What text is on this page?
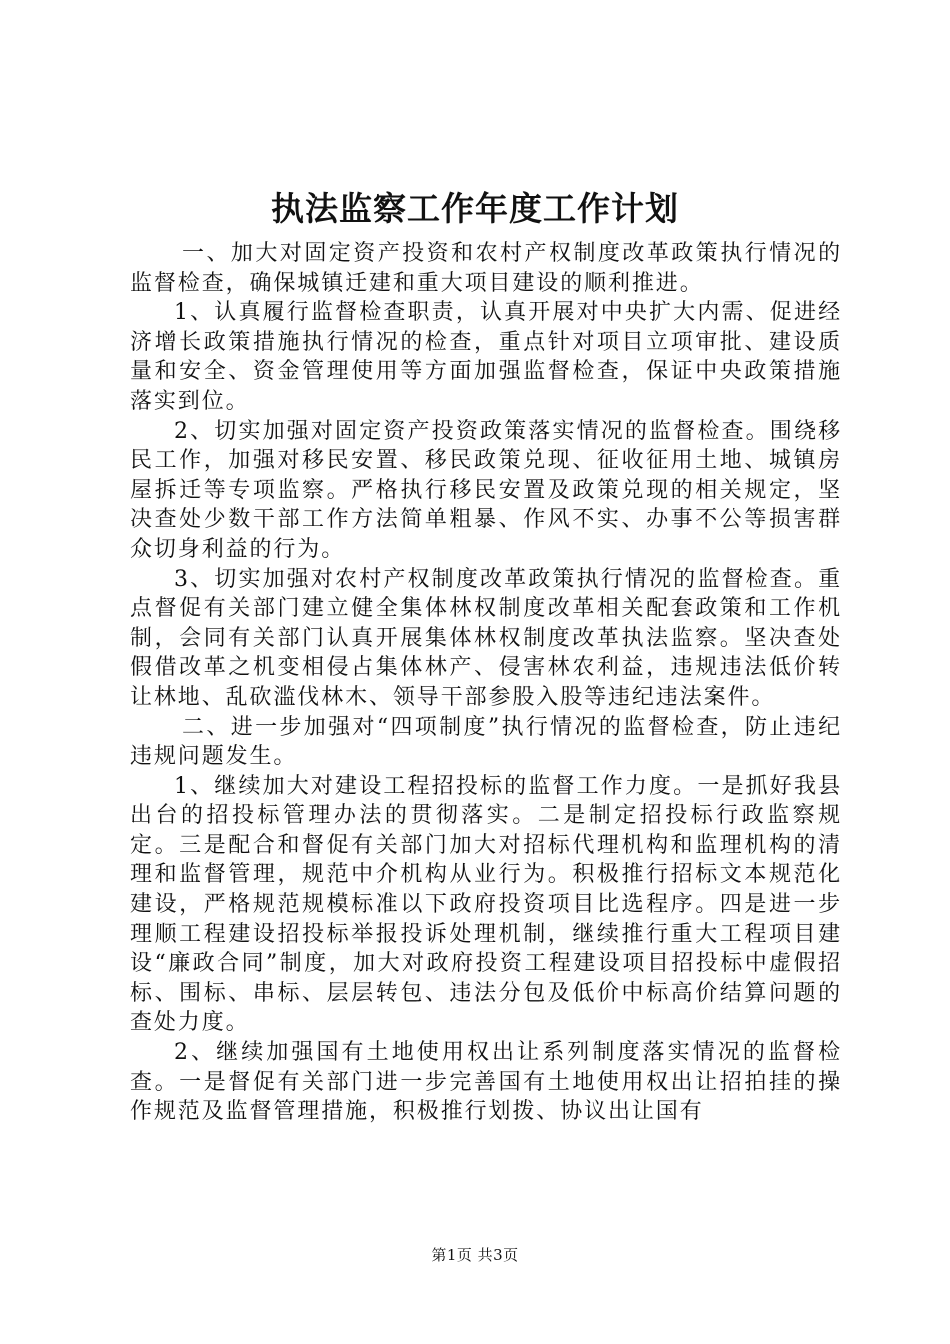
执法监察工作年度工作计划

一、加大对固定资产投资和农村产权制度改革政策执行情况的监督检查，确保城镇迁建和重大项目建设的顺利推进。

1、认真履行监督检查职责，认真开展对中央扩大内需、促进经济增长政策措施执行情况的检查，重点针对项目立项审批、建设质量和安全、资金管理使用等方面加强监督检查，保证中央政策措施落实到位。

2、切实加强对固定资产投资政策落实情况的监督检查。围绕移民工作，加强对移民安置、移民政策兑现、征收征用土地、城镇房屋拆迁等专项监察。严格执行移民安置及政策兑现的相关规定，坚决查处少数干部工作方法简单粗暴、作风不实、办事不公等损害群众切身利益的行为。

3、切实加强对农村产权制度改革政策执行情况的监督检查。重点督促有关部门建立健全集体林权制度改革相关配套政策和工作机制，会同有关部门认真开展集体林权制度改革执法监察。坚决查处假借改革之机变相侵占集体林产、侵害林农利益，违规违法低价转让林地、乱砍滥伐林木、领导干部参股入股等违纪违法案件。

二、进一步加强对“四项制度”执行情况的监督检查，防止违纪违规问题发生。

1、继续加大对建设工程招投标的监督工作力度。一是抓好我县出台的招投标管理办法的贯彻落实。二是制定招投标行政监察规定。三是配合和督促有关部门加大对招标代理机构和监理机构的清理和监督管理，规范中介机构从业行为。积极推行招标文本规范化建设，严格规范规模标准以下政府投资项目比选程序。四是进一步理顺工程建设招投标举报投诉处理机制，继续推行重大工程项目建设“廉政合同”制度，加大对政府投资工程建设项目招投标中虚假招标、围标、串标、层层转包、违法分包及低价中标高价结算问题的查处力度。

2、继续加强国有土地使用权出让系列制度落实情况的监督检查。一是督促有关部门进一步完善国有土地使用权出让招拍挂的操作规范及监督管理措施，积极推行划拨、协议出让国有

第1页 共3页
